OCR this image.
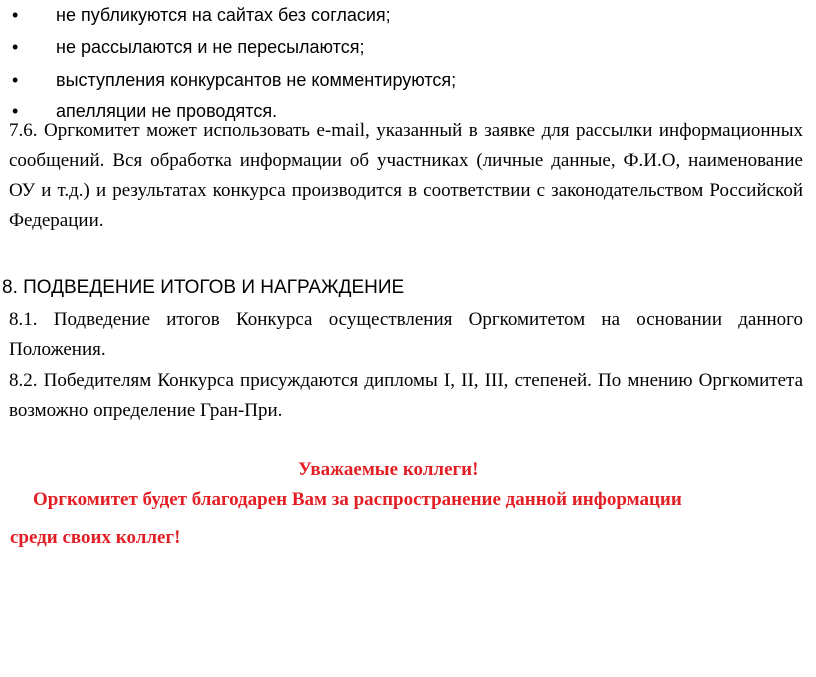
• не публикуются на сайтах без согласия;
• не рассылаются и не пересылаются;
• выступления конкурсантов не комментируются;
• апелляции не проводятся.

7.6. Оргкомитет может использовать e-mail, указанный в заявке для рассылки информационных сообщений. Вся обработка информации об участниках (личные данные, Ф.И.О, наименование ОУ и т.д.) и результатах конкурса производится в соответствии с законодательством Российской Федерации.

8. ПОДВЕДЕНИЕ ИТОГОВ И НАГРАЖДЕНИЕ

8.1. Подведение итогов Конкурса осуществления Оргкомитетом на основании данного Положения.

8.2. Победителям Конкурса присуждаются дипломы I, II, III, степеней. По мнению Оргкомитета возможно определение Гран-При.

Уважаемые коллеги!
Оргкомитет будет благодарен Вам за распространение данной информации
среди своих коллег!
